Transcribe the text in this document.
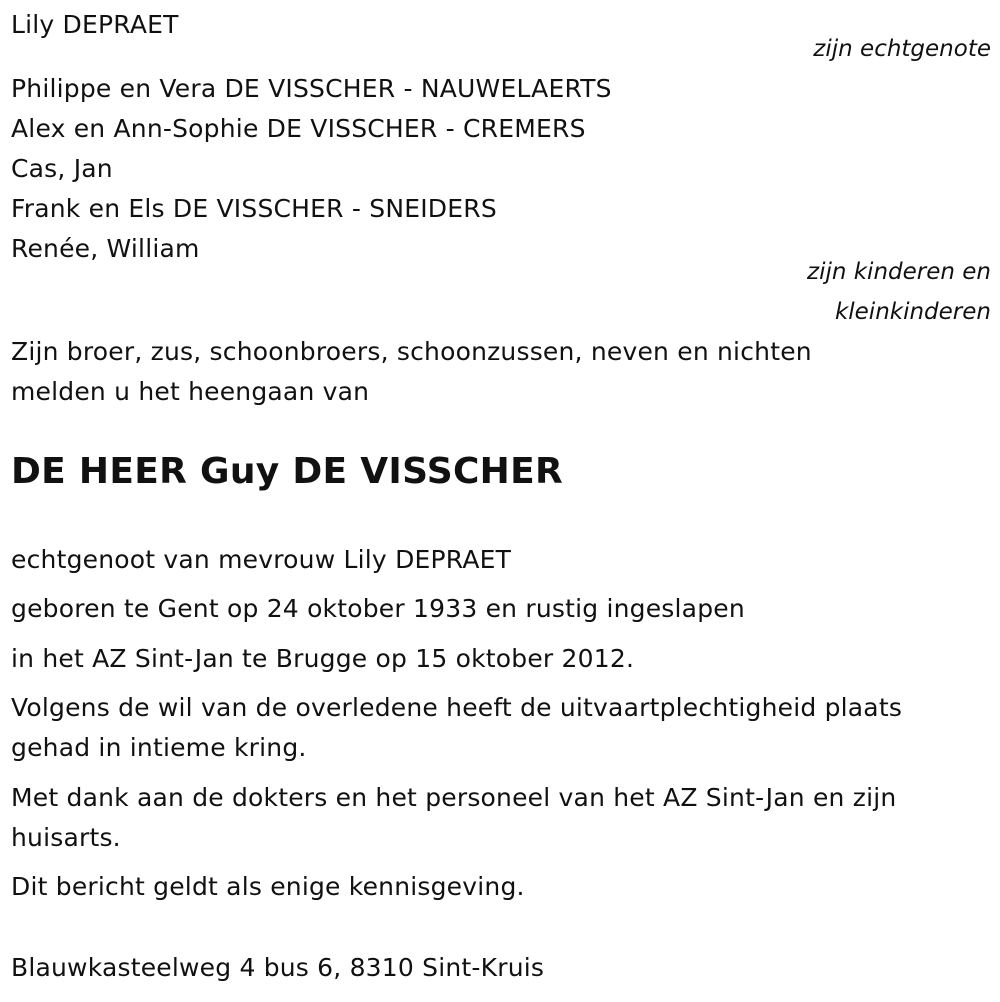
Lily DEPRAET
zijn echtgenote
Philippe en Vera DE VISSCHER - NAUWELAERTS
Alex en Ann-Sophie DE VISSCHER - CREMERS
Cas, Jan
Frank en Els DE VISSCHER - SNEIDERS
Renée, William
zijn kinderen en
kleinkinderen
Zijn broer, zus, schoonbroers, schoonzussen, neven en nichten
melden u het heengaan van
DE HEER Guy DE VISSCHER
echtgenoot van mevrouw Lily DEPRAET
geboren te Gent op 24 oktober 1933 en rustig ingeslapen
in het AZ Sint-Jan te Brugge op 15 oktober 2012.
Volgens de wil van de overledene heeft de uitvaartplechtigheid plaats
gehad in intieme kring.
Met dank aan de dokters en het personeel van het AZ Sint-Jan en zijn
huisarts.
Dit bericht geldt als enige kennisgeving.
Blauwkasteelweg 4 bus 6, 8310 Sint-Kruis
